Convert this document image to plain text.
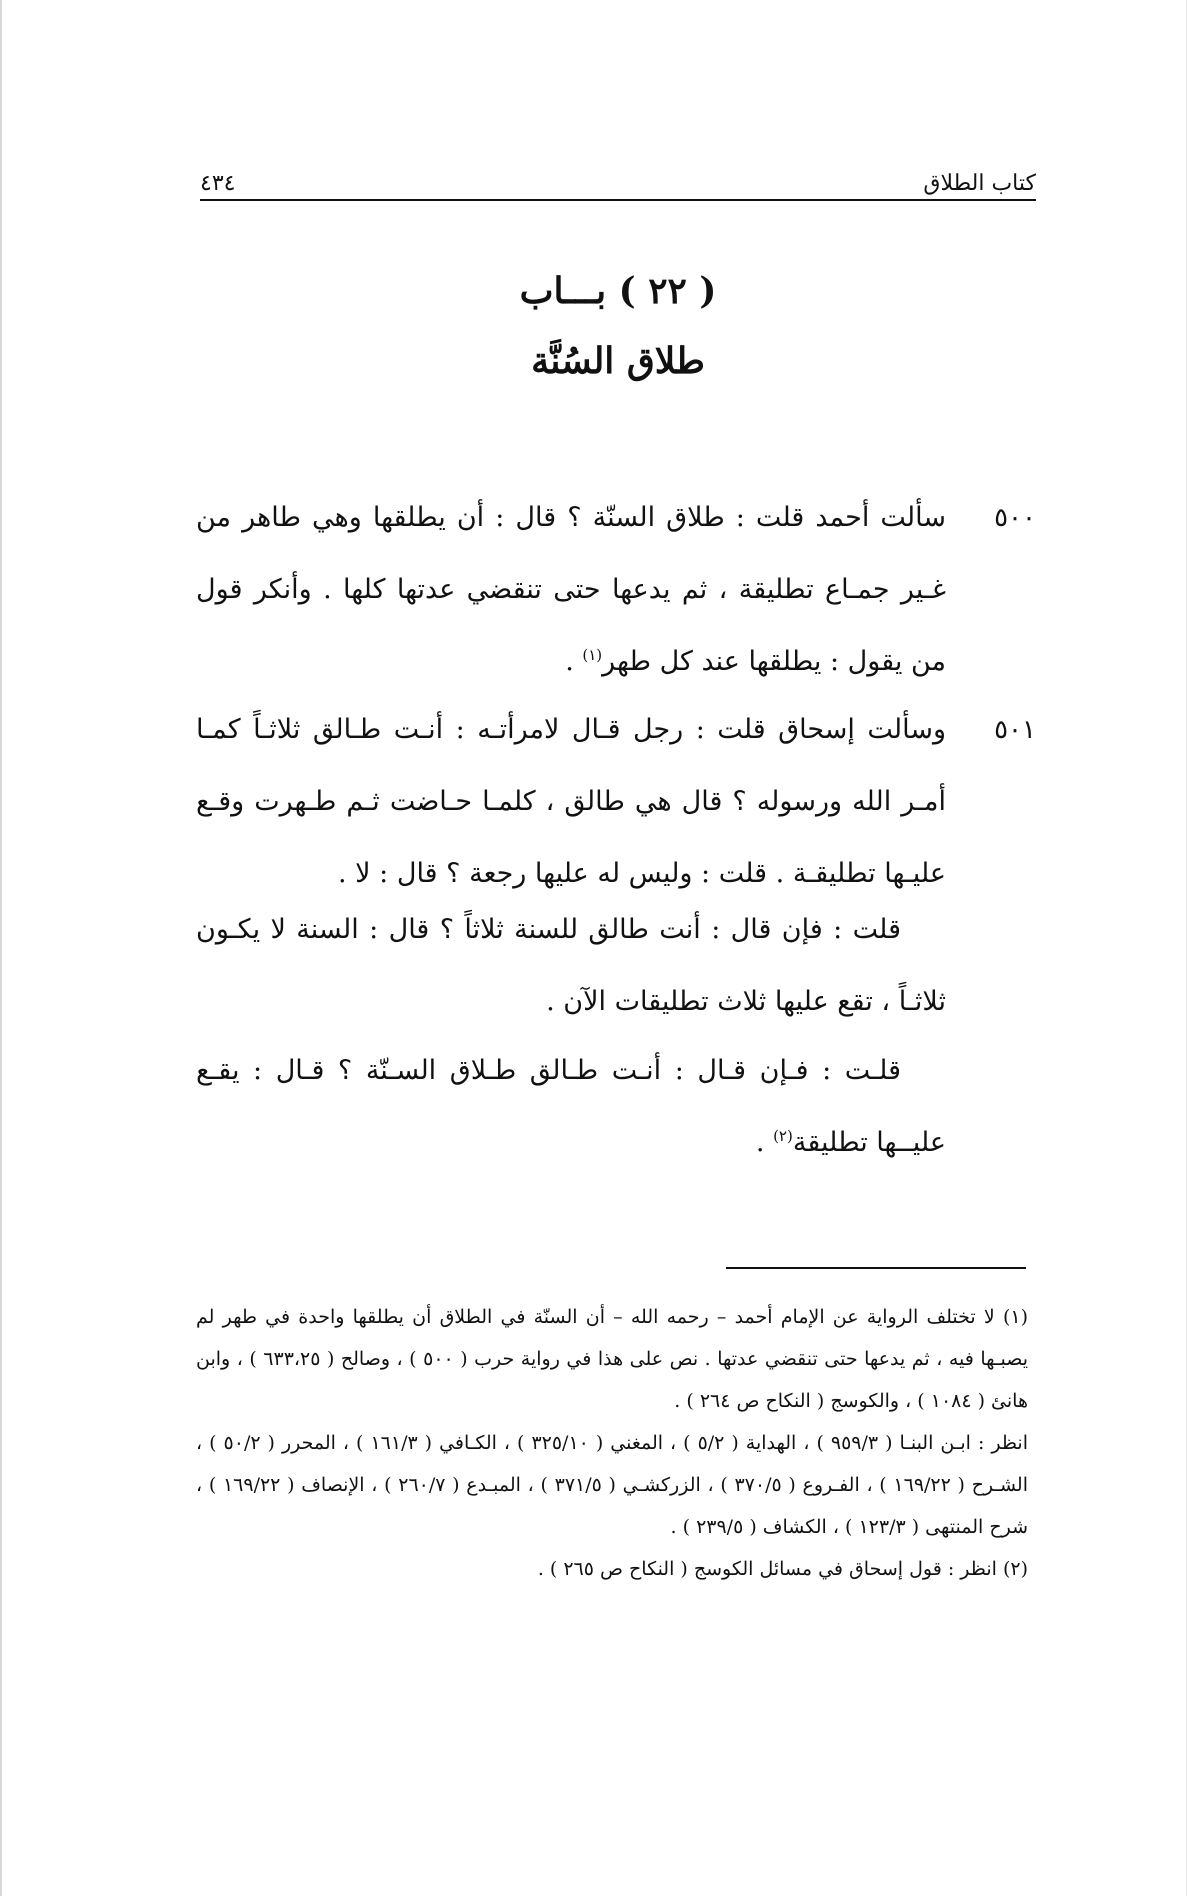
كتاب الطلاق
٤٣٤
( ٢٢ ) بـــاب
طلاق السُنَّة
٥٠٠
سألت أحمد قلت : طلاق السنّة ؟ قال : أن يطلقها وهي طاهر من غـير جمـاع تطليقة ، ثم يدعها حتى تنقضي عدتها كلها . وأنكر قول من يقول : يطلقها عند كل طهر$^{(١)}$ .
٥٠١
وسألت إسحاق قلت : رجل قـال لامرأتـه : أنـت طـالق ثلاثـاً كمـا أمـر الله ورسوله ؟ قال هي طالق ، كلمـا حـاضت ثـم طـهرت وقـع عليـها تطليقـة . قلت : وليس له عليها رجعة ؟ قال : لا .
قلت : فإن قال : أنت طالق للسنة ثلاثاً ؟ قال : السنة لا يكـون ثلاثـاً ، تقع عليها ثلاث تطليقات الآن .
قلـت : فـإن قـال : أنـت طـالق طـلاق السـنّة ؟ قـال : يقـع عليــها تطليقة$^{(٢)}$ .
(١) لا تختلف الرواية عن الإمام أحمد – رحمه الله – أن السنّة في الطلاق أن يطلقها واحدة في طهر لم يصبـها فيه ، ثم يدعها حتى تنقضي عدتها . نص على هذا في رواية حرب ( ٥٠٠ ) ، وصالح ( ٦٣٣،٢٥ ) ، وابن هانئ ( ١٠٨٤ ) ، والكوسج ( النكاح ص ٢٦٤ ) .
انظر : ابـن البنـا ( ٩٥٩/٣ ) ، الهداية ( ٥/٢ ) ، المغني ( ٣٢٥/١٠ ) ، الكـافي ( ١٦١/٣ ) ، المحرر ( ٥٠/٢ ) ، الشـرح ( ١٦٩/٢٢ ) ، الفـروع ( ٣٧٠/٥ ) ، الزركشـي ( ٣٧١/٥ ) ، المبـدع ( ٢٦٠/٧ ) ، الإنصاف ( ١٦٩/٢٢ ) ، شرح المنتهى ( ١٢٣/٣ ) ، الكشاف ( ٢٣٩/٥ ) .
(٢) انظر : قول إسحاق في مسائل الكوسج ( النكاح ص ٢٦٥ ) .
